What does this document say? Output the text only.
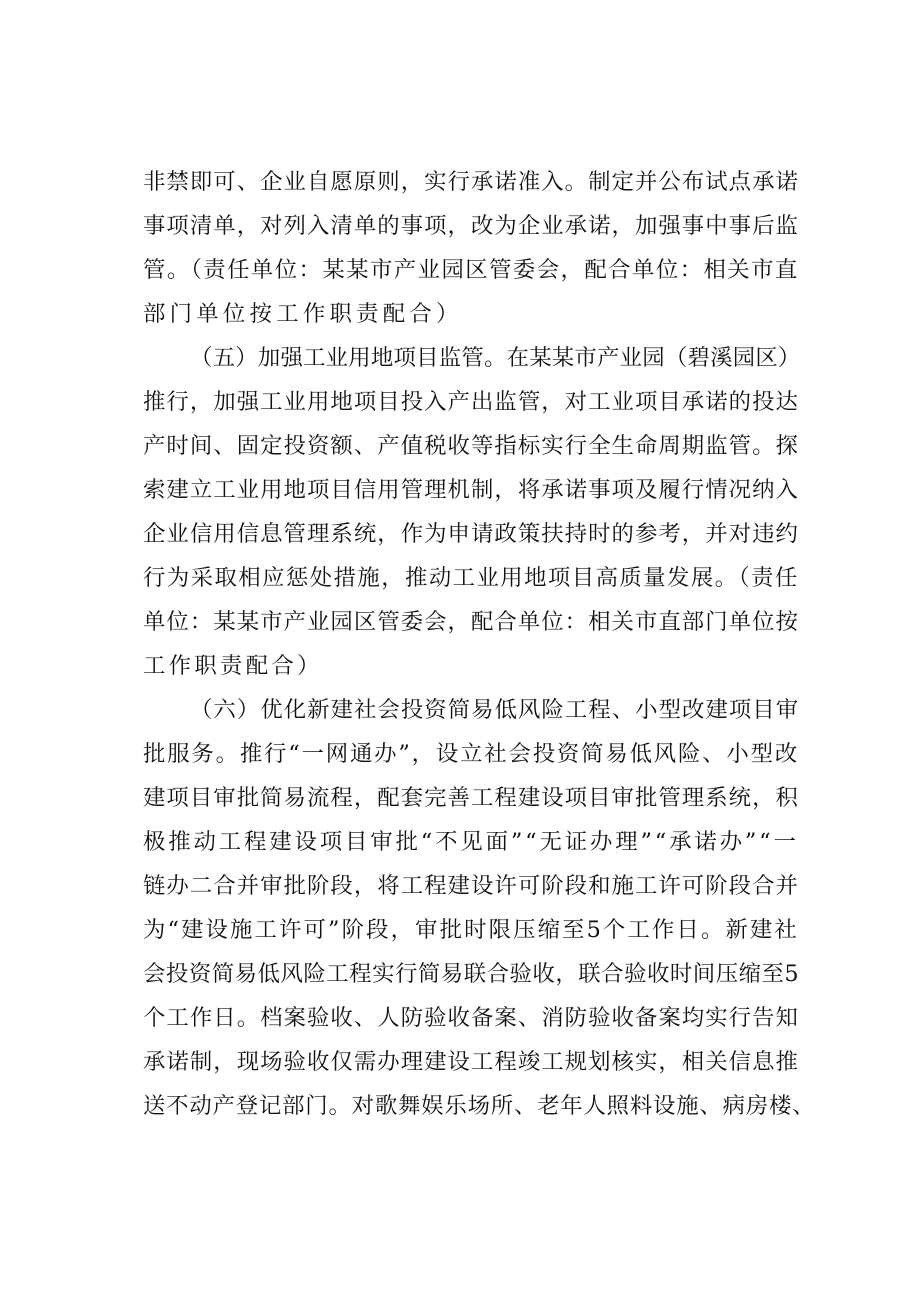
非禁即可、企业自愿原则，实行承诺准入。制定并公布试点承诺
事项清单，对列入清单的事项，改为企业承诺，加强事中事后监
管。（责任单位：某某市产业园区管委会，配合单位：相关市直
部门单位按工作职责配合）
（五）加强工业用地项目监管。在某某市产业园（碧溪园区）
推行，加强工业用地项目投入产出监管，对工业项目承诺的投达
产时间、固定投资额、产值税收等指标实行全生命周期监管。探
索建立工业用地项目信用管理机制，将承诺事项及履行情况纳入
企业信用信息管理系统，作为申请政策扶持时的参考，并对违约
行为采取相应惩处措施，推动工业用地项目高质量发展。（责任
单位：某某市产业园区管委会，配合单位：相关市直部门单位按
工作职责配合）
（六）优化新建社会投资简易低风险工程、小型改建项目审
批服务。推行“一网通办”，设立社会投资简易低风险、小型改
建项目审批简易流程，配套完善工程建设项目审批管理系统，积
极推动工程建设项目审批“不见面”“无证办理”“承诺办”“一
链办二合并审批阶段，将工程建设许可阶段和施工许可阶段合并
为“建设施工许可”阶段，审批时限压缩至5个工作日。新建社
会投资简易低风险工程实行简易联合验收，联合验收时间压缩至5
个工作日。档案验收、人防验收备案、消防验收备案均实行告知
承诺制，现场验收仅需办理建设工程竣工规划核实，相关信息推
送不动产登记部门。对歌舞娱乐场所、老年人照料设施、病房楼、
